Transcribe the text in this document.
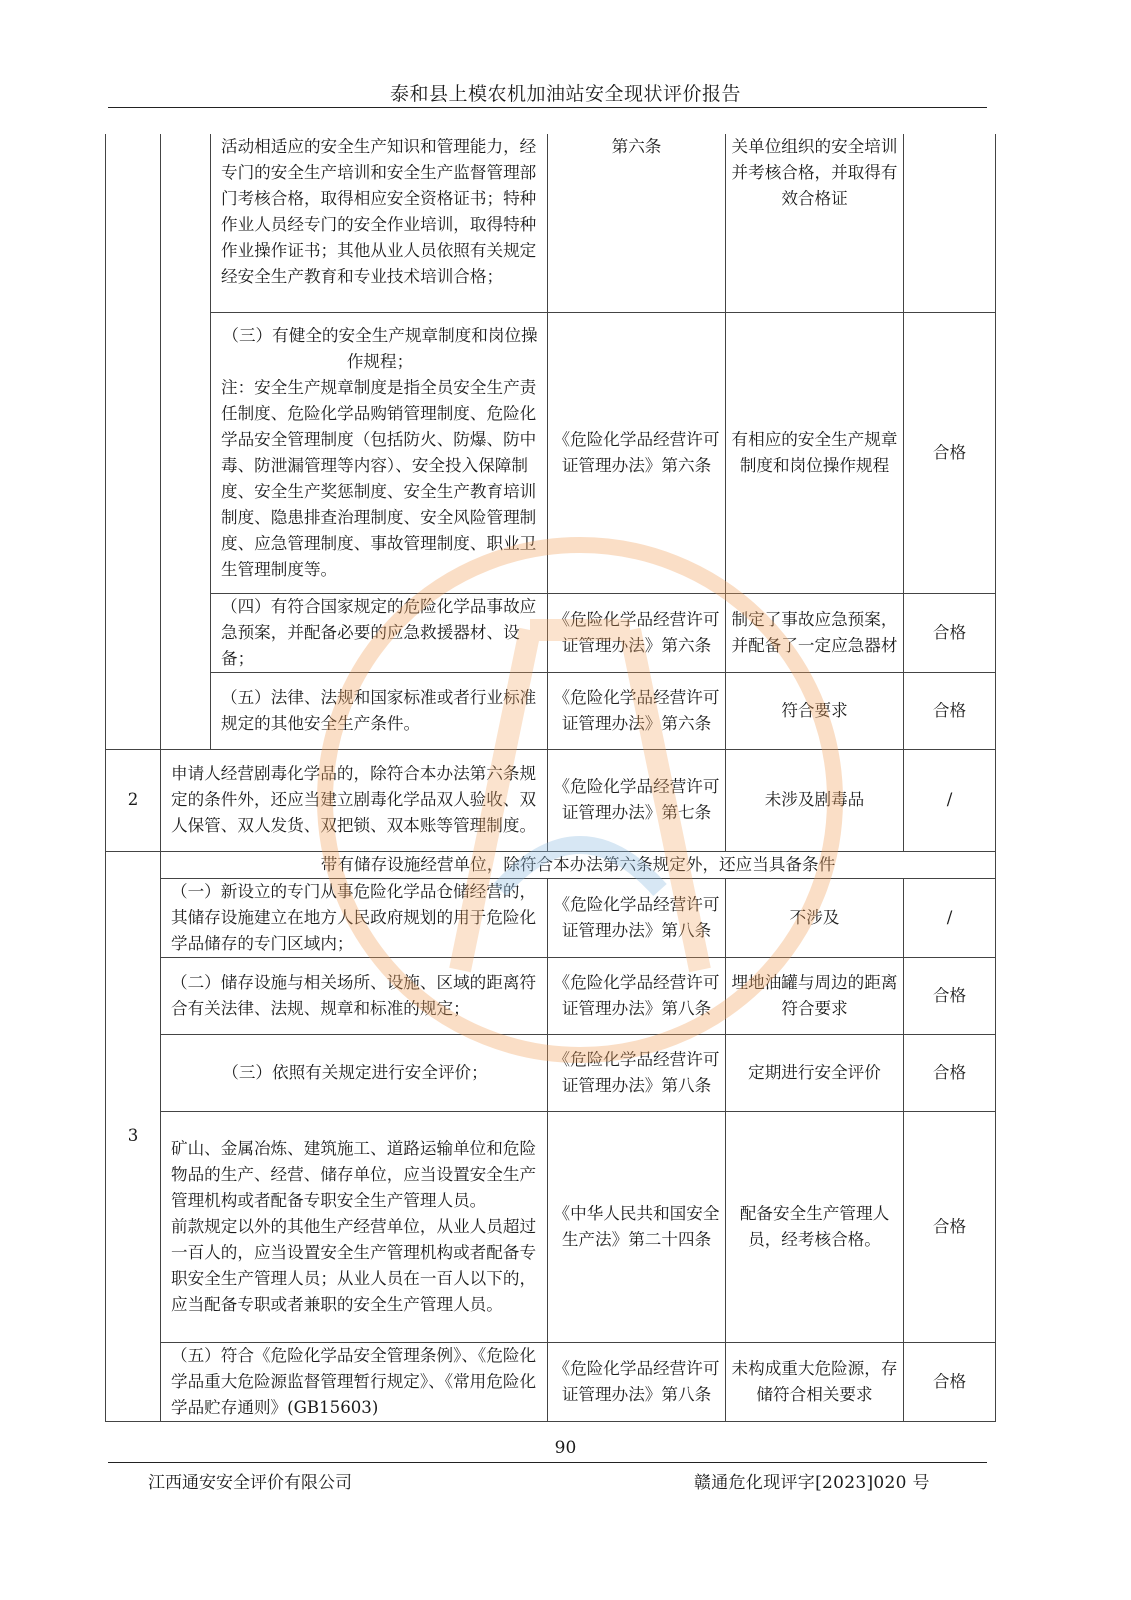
泰和县上模农机加油站安全现状评价报告
		活动相适应的安全生产知识和管理能力，经专门的安全生产培训和安全生产监督管理部门考核合格，取得相应安全资格证书；特种作业人员经专门的安全作业培训，取得特种作业操作证书；其他从业人员依照有关规定经安全生产教育和专业技术培训合格；	第六条	关单位组织的安全培训并考核合格，并取得有效合格证	

		（三）有健全的安全生产规章制度和岗位操作规程；
注：安全生产规章制度是指全员安全生产责任制度、危险化学品购销管理制度、危险化学品安全管理制度（包括防火、防爆、防中毒、防泄漏管理等内容）、安全投入保障制度、安全生产奖惩制度、安全生产教育培训制度、隐患排查治理制度、安全风险管理制度、应急管理制度、事故管理制度、职业卫生管理制度等。	《危险化学品经营许可证管理办法》第六条	有相应的安全生产规章制度和岗位操作规程	合格
		（四）有符合国家规定的危险化学品事故应急预案，并配备必要的应急救援器材、设备；	《危险化学品经营许可证管理办法》第六条	制定了事故应急预案，并配备了一定应急器材	合格
		（五）法律、法规和国家标准或者行业标准规定的其他安全生产条件。	《危险化学品经营许可证管理办法》第六条	符合要求	合格
2	申请人经营剧毒化学品的，除符合本办法第六条规定的条件外，还应当建立剧毒化学品双人验收、双人保管、双人发货、双把锁、双本账等管理制度。		《危险化学品经营许可证管理办法》第七条	未涉及剧毒品	/
3	带有储存设施经营单位，除符合本办法第六条规定外，还应当具备条件				
	（一）新设立的专门从事危险化学品仓储经营的，其储存设施建立在地方人民政府规划的用于危险化学品储存的专门区域内；		《危险化学品经营许可证管理办法》第八条	不涉及	/
	（二）储存设施与相关场所、设施、区域的距离符合有关法律、法规、规章和标准的规定；		《危险化学品经营许可证管理办法》第八条	埋地油罐与周边的距离符合要求	合格
	（三）依照有关规定进行安全评价；		《危险化学品经营许可证管理办法》第八条	定期进行安全评价	合格

	矿山、金属冶炼、建筑施工、道路运输单位和危险物品的生产、经营、储存单位，应当设置安全生产管理机构或者配备专职安全生产管理人员。
前款规定以外的其他生产经营单位，从业人员超过一百人的，应当设置安全生产管理机构或者配备专职安全生产管理人员；从业人员在一百人以下的，应当配备专职或者兼职的安全生产管理人员。		《中华人民共和国安全生产法》第二十四条	配备安全生产管理人员，经考核合格。	合格
	（五）符合《危险化学品安全管理条例》、《危险化学品重大危险源监督管理暂行规定》、《常用危险化学品贮存通则》(GB15603)		《危险化学品经营许可证管理办法》第八条	未构成重大危险源，存储符合相关要求	合格
90
江西通安安全评价有限公司	赣通危化现评字[2023]020 号
